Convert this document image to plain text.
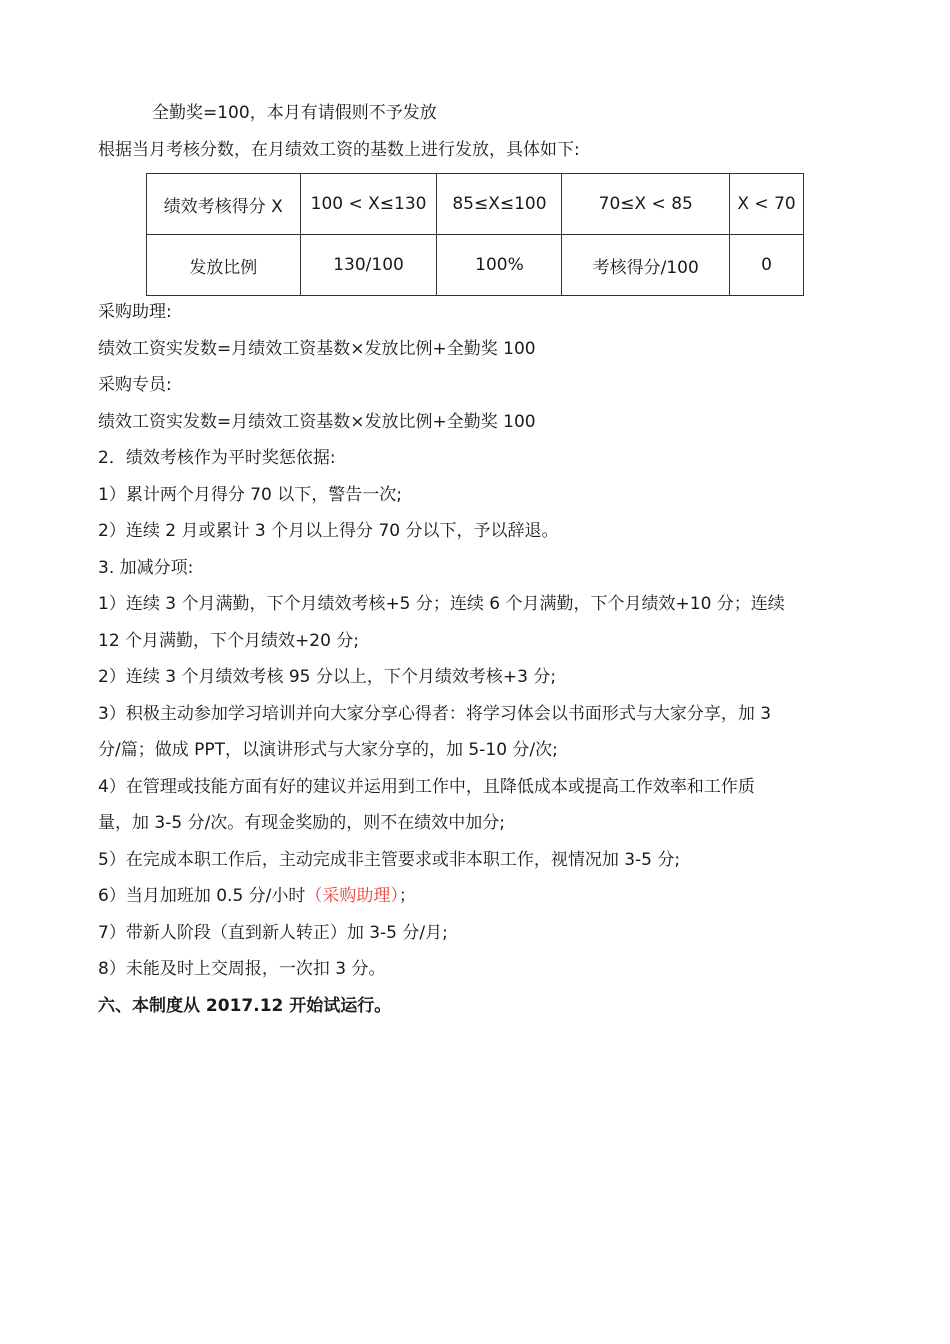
全勤奖=100，本月有请假则不予发放
根据当月考核分数，在月绩效工资的基数上进行发放，具体如下:
绩效考核得分 X	100 < X≤130	85≤X≤100	70≤X < 85	X < 70
发放比例	130/100	100%	考核得分/100	0
采购助理:
绩效工资实发数=月绩效工资基数×发放比例+全勤奖 100
采购专员:
绩效工资实发数=月绩效工资基数×发放比例+全勤奖 100
2．绩效考核作为平时奖惩依据:
1）累计两个月得分 70 以下，警告一次;
2）连续 2 月或累计 3 个月以上得分 70 分以下，予以辞退。
3. 加减分项:
1）连续 3 个月满勤，下个月绩效考核+5 分；连续 6 个月满勤，下个月绩效+10 分；连续
12 个月满勤，下个月绩效+20 分;
2）连续 3 个月绩效考核 95 分以上，下个月绩效考核+3 分;
3）积极主动参加学习培训并向大家分享心得者：将学习体会以书面形式与大家分享，加 3
分/篇；做成 PPT，以演讲形式与大家分享的，加 5-10 分/次;
4）在管理或技能方面有好的建议并运用到工作中，且降低成本或提高工作效率和工作质
量，加 3-5 分/次。有现金奖励的，则不在绩效中加分;
5）在完成本职工作后，主动完成非主管要求或非本职工作，视情况加 3-5 分;
6）当月加班加 0.5 分/小时（采购助理）；
7）带新人阶段（直到新人转正）加 3-5 分/月;
8）未能及时上交周报，一次扣 3 分。
六、本制度从 2017.12 开始试运行。
